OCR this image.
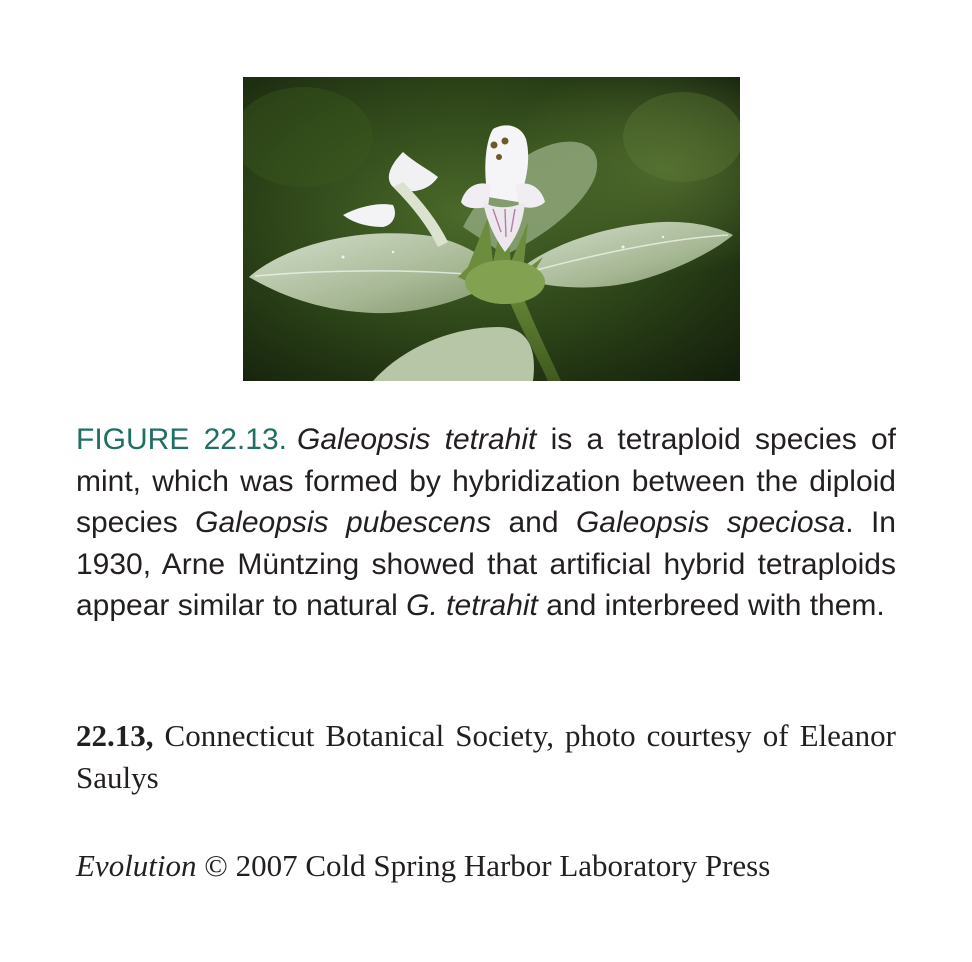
FIGURE 22.13. Galeopsis tetrahit is a tetraploid species of mint, which was formed by hybridization between the diploid species Galeopsis pubescens and Galeopsis speciosa. In 1930, Arne Müntzing showed that artificial hybrid tetraploids appear similar to natural G. tetrahit and interbreed with them.

22.13, Connecticut Botanical Society, photo courtesy of Eleanor Saulys

Evolution © 2007 Cold Spring Harbor Laboratory Press
